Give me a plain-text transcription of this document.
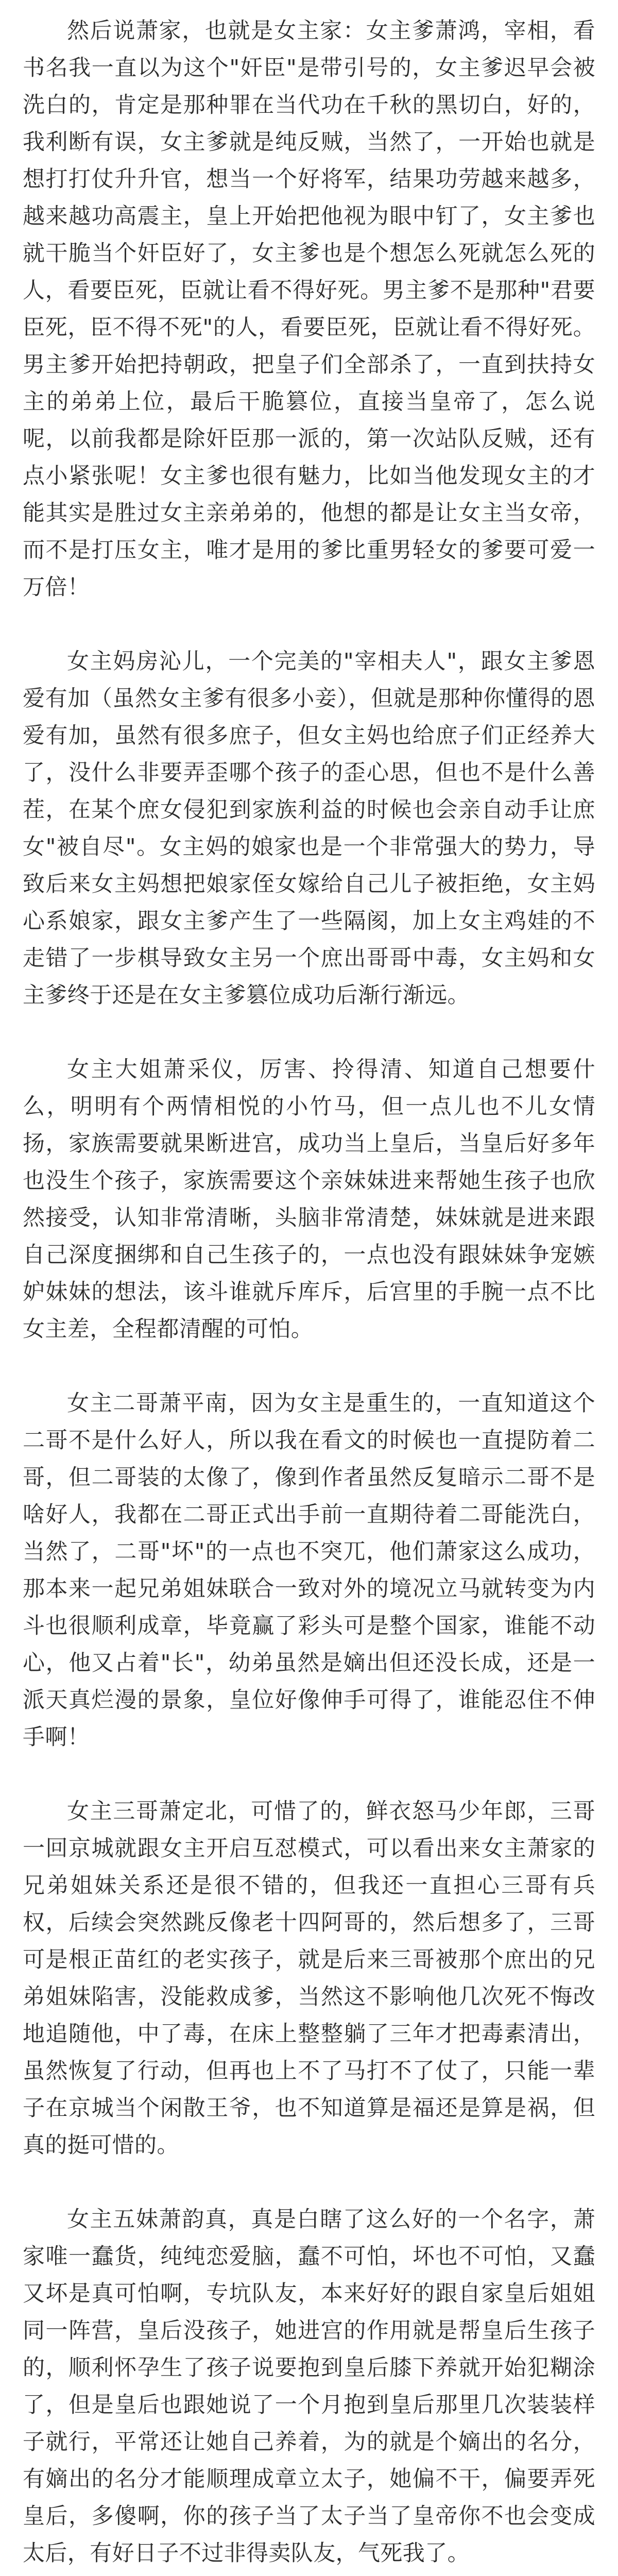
然后说萧家，也就是女主家：女主爹萧鸿，宰相，看书名我一直以为这个"奸臣"是带引号的，女主爹迟早会被洗白的，肯定是那种罪在当代功在千秋的黑切白，好的，我利断有误，女主爹就是纯反贼，当然了，一开始也就是想打打仗升升官，想当一个好将军，结果功劳越来越多，越来越功高震主，皇上开始把他视为眼中钉了，女主爹也就干脆当个奸臣好了，女主爹也是个想怎么死就怎么死的人，看要臣死，臣就让看不得好死。男主爹不是那种"君要臣死，臣不得不死"的人，看要臣死，臣就让看不得好死。男主爹开始把持朝政，把皇子们全部杀了，一直到扶持女主的弟弟上位，最后干脆篡位，直接当皇帝了，怎么说呢，以前我都是除奸臣那一派的，第一次站队反贼，还有点小紧张呢！女主爹也很有魅力，比如当他发现女主的才能其实是胜过女主亲弟弟的，他想的都是让女主当女帝，而不是打压女主，唯才是用的爹比重男轻女的爹要可爱一万倍！

女主妈房沁儿，一个完美的"宰相夫人"，跟女主爹恩爱有加（虽然女主爹有很多小妾），但就是那种你懂得的恩爱有加，虽然有很多庶子，但女主妈也给庶子们正经养大了，没什么非要弄歪哪个孩子的歪心思，但也不是什么善茬，在某个庶女侵犯到家族利益的时候也会亲自动手让庶女"被自尽"。女主妈的娘家也是一个非常强大的势力，导致后来女主妈想把娘家侄女嫁给自己儿子被拒绝，女主妈心系娘家，跟女主爹产生了一些隔阂，加上女主鸡娃的不走错了一步棋导致女主另一个庶出哥哥中毒，女主妈和女主爹终于还是在女主爹篡位成功后渐行渐远。

女主大姐萧采仪，厉害、拎得清、知道自己想要什么，明明有个两情相悦的小竹马，但一点儿也不儿女情扬，家族需要就果断进宫，成功当上皇后，当皇后好多年也没生个孩子，家族需要这个亲妹妹进来帮她生孩子也欣然接受，认知非常清晰，头脑非常清楚，妹妹就是进来跟自己深度捆绑和自己生孩子的，一点也没有跟妹妹争宠嫉妒妹妹的想法，该斗谁就斥库斥，后宫里的手腕一点不比女主差，全程都清醒的可怕。

女主二哥萧平南，因为女主是重生的，一直知道这个二哥不是什么好人，所以我在看文的时候也一直提防着二哥，但二哥装的太像了，像到作者虽然反复暗示二哥不是啥好人，我都在二哥正式出手前一直期待着二哥能洗白，当然了，二哥"坏"的一点也不突兀，他们萧家这么成功，那本来一起兄弟姐妹联合一致对外的境况立马就转变为内斗也很顺利成章，毕竟赢了彩头可是整个国家，谁能不动心，他又占着"长"，幼弟虽然是嫡出但还没长成，还是一派天真烂漫的景象，皇位好像伸手可得了，谁能忍住不伸手啊！

女主三哥萧定北，可惜了的，鲜衣怒马少年郎，三哥一回京城就跟女主开启互怼模式，可以看出来女主萧家的兄弟姐妹关系还是很不错的，但我还一直担心三哥有兵权，后续会突然跳反像老十四阿哥的，然后想多了，三哥可是根正苗红的老实孩子，就是后来三哥被那个庶出的兄弟姐妹陷害，没能救成爹，当然这不影响他几次死不悔改地追随他，中了毒，在床上整整躺了三年才把毒素清出，虽然恢复了行动，但再也上不了马打不了仗了，只能一辈子在京城当个闲散王爷，也不知道算是福还是算是祸，但真的挺可惜的。

女主五妹萧韵真，真是白瞎了这么好的一个名字，萧家唯一蠢货，纯纯恋爱脑，蠢不可怕，坏也不可怕，又蠢又坏是真可怕啊，专坑队友，本来好好的跟自家皇后姐姐同一阵营，皇后没孩子，她进宫的作用就是帮皇后生孩子的，顺利怀孕生了孩子说要抱到皇后膝下养就开始犯糊涂了，但是皇后也跟她说了一个月抱到皇后那里几次装装样子就行，平常还让她自己养着，为的就是个嫡出的名分，有嫡出的名分才能顺理成章立太子，她偏不干，偏要弄死皇后，多傻啊，你的孩子当了太子当了皇帝你不也会变成太后，有好日子不过非得卖队友，气死我了。
